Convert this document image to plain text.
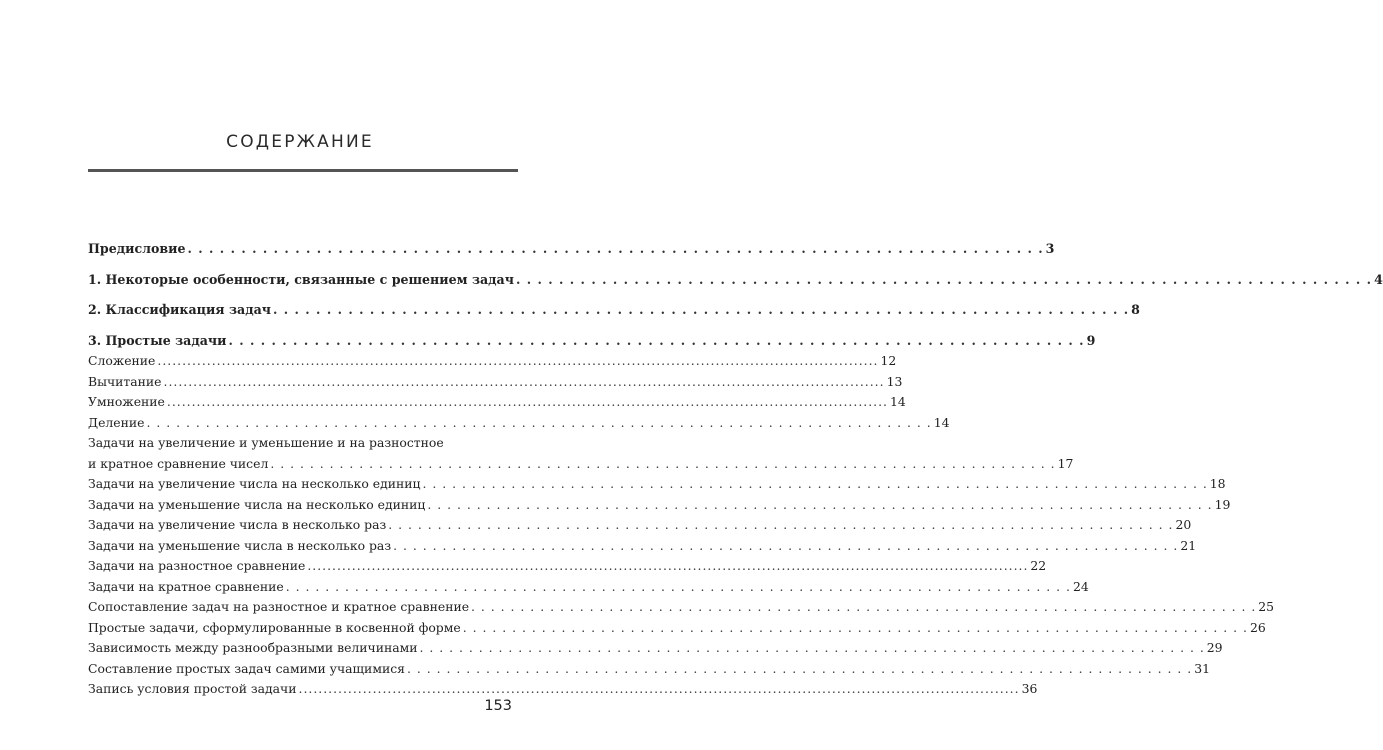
СОДЕРЖАНИЕ
Предисловие . . .	3
1. Некоторые особенности, связанные с решением задач . . .	4
2. Классификация задач . . .	8
3. Простые задачи . . .	9
Сложение .....	12
Вычитание .....	13
Умножение .....	14
Деление . . .	14
Задачи на увеличение и уменьшение и на разностное
и кратное сравнение чисел . . .	17
Задачи на увеличение числа на несколько единиц . . .	18
Задачи на уменьшение числа на несколько единиц . . .	19
Задачи на увеличение числа в несколько раз . . .	20
Задачи на уменьшение числа в несколько раз . . .	21
Задачи на разностное сравнение .....	22
Задачи на кратное сравнение . . .	24
Сопоставление задач на разностное и кратное сравнение . . .	25
Простые задачи, сформулированные в косвенной форме . . .	26
Зависимость между разнообразными величинами . . .	29
Составление простых задач самими учащимися . . .	31
Запись условия простой задачи .....	36
153
